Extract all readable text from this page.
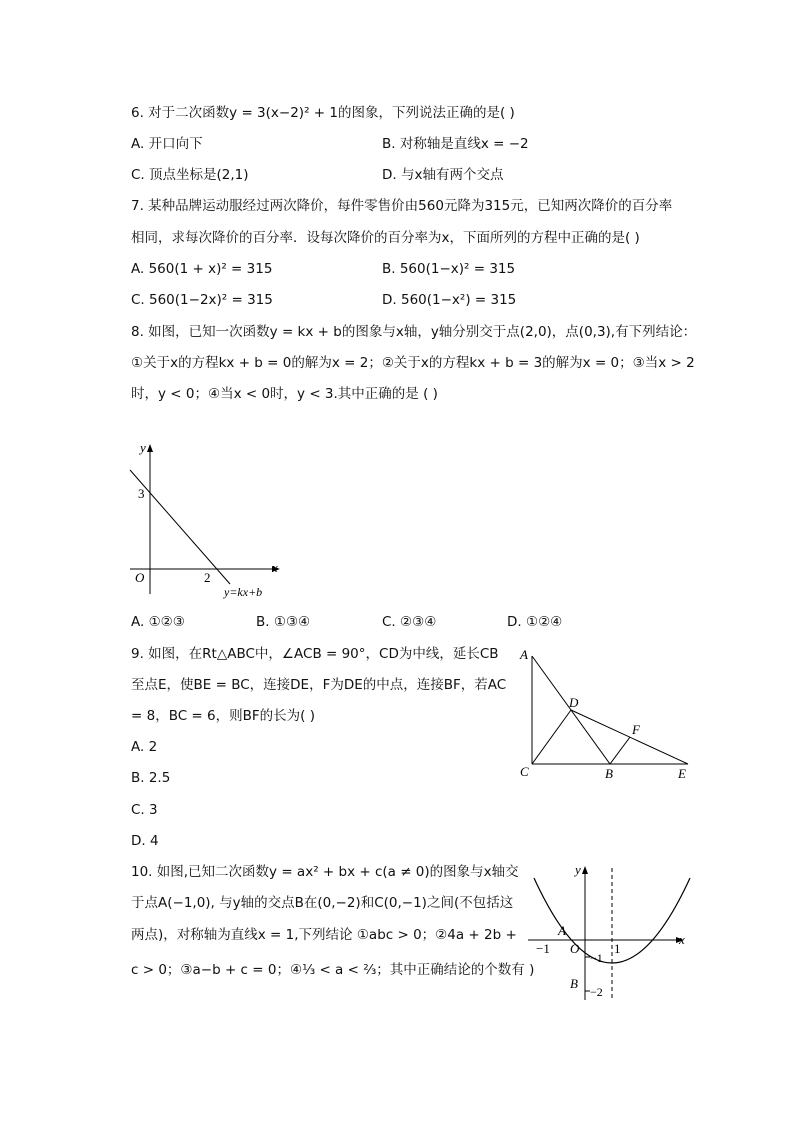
6. 对于二次函数y = 3(x−2)² + 1的图象，下列说法正确的是( )
A. 开口向下	B. 对称轴是直线x = −2
C. 顶点坐标是(2,1)	D. 与x轴有两个交点
7. 某种品牌运动服经过两次降价，每件零售价由560元降为315元，已知两次降价的百分率
相同，求每次降价的百分率．设每次降价的百分率为x，下面所列的方程中正确的是( )
A. 560(1 + x)² = 315	B. 560(1−x)² = 315
C. 560(1−2x)² = 315	D. 560(1−x²) = 315
8. 如图，已知一次函数y = kx + b的图象与x轴，y轴分别交于点(2,0)，点(0,3),有下列结论：
①关于x的方程kx + b = 0的解为x = 2；②关于x的方程kx + b = 3的解为x = 0；③当x > 2
时，y < 0；④当x < 0时，y < 3.其中正确的是 ( )
y
x
O
3
2
y=kx+b
A. ①②③	B. ①③④	C. ②③④	D. ①②④
9. 如图，在Rt△ABC中，∠ACB = 90°，CD为中线，延长CB
至点E，使BE = BC，连接DE，F为DE的中点，连接BF，若AC
= 8，BC = 6，则BF的长为( )
A. 2
B. 2.5
C. 3
D. 4
A
D
F
C	B	E
10. 如图,已知二次函数y = ax² + bx + c(a ≠ 0)的图象与x轴交
于点A(−1,0), 与y轴的交点B在(0,−2)和C(0,−1)之间(不包括这
两点)，对称轴为直线x = 1,下列结论 ①abc > 0；②4a + 2b +
c > 0；③a−b + c = 0；④⅓ < a < ⅔；其中正确结论的个数有 )
y
x
A
O
−1	1
−1
B
−2
